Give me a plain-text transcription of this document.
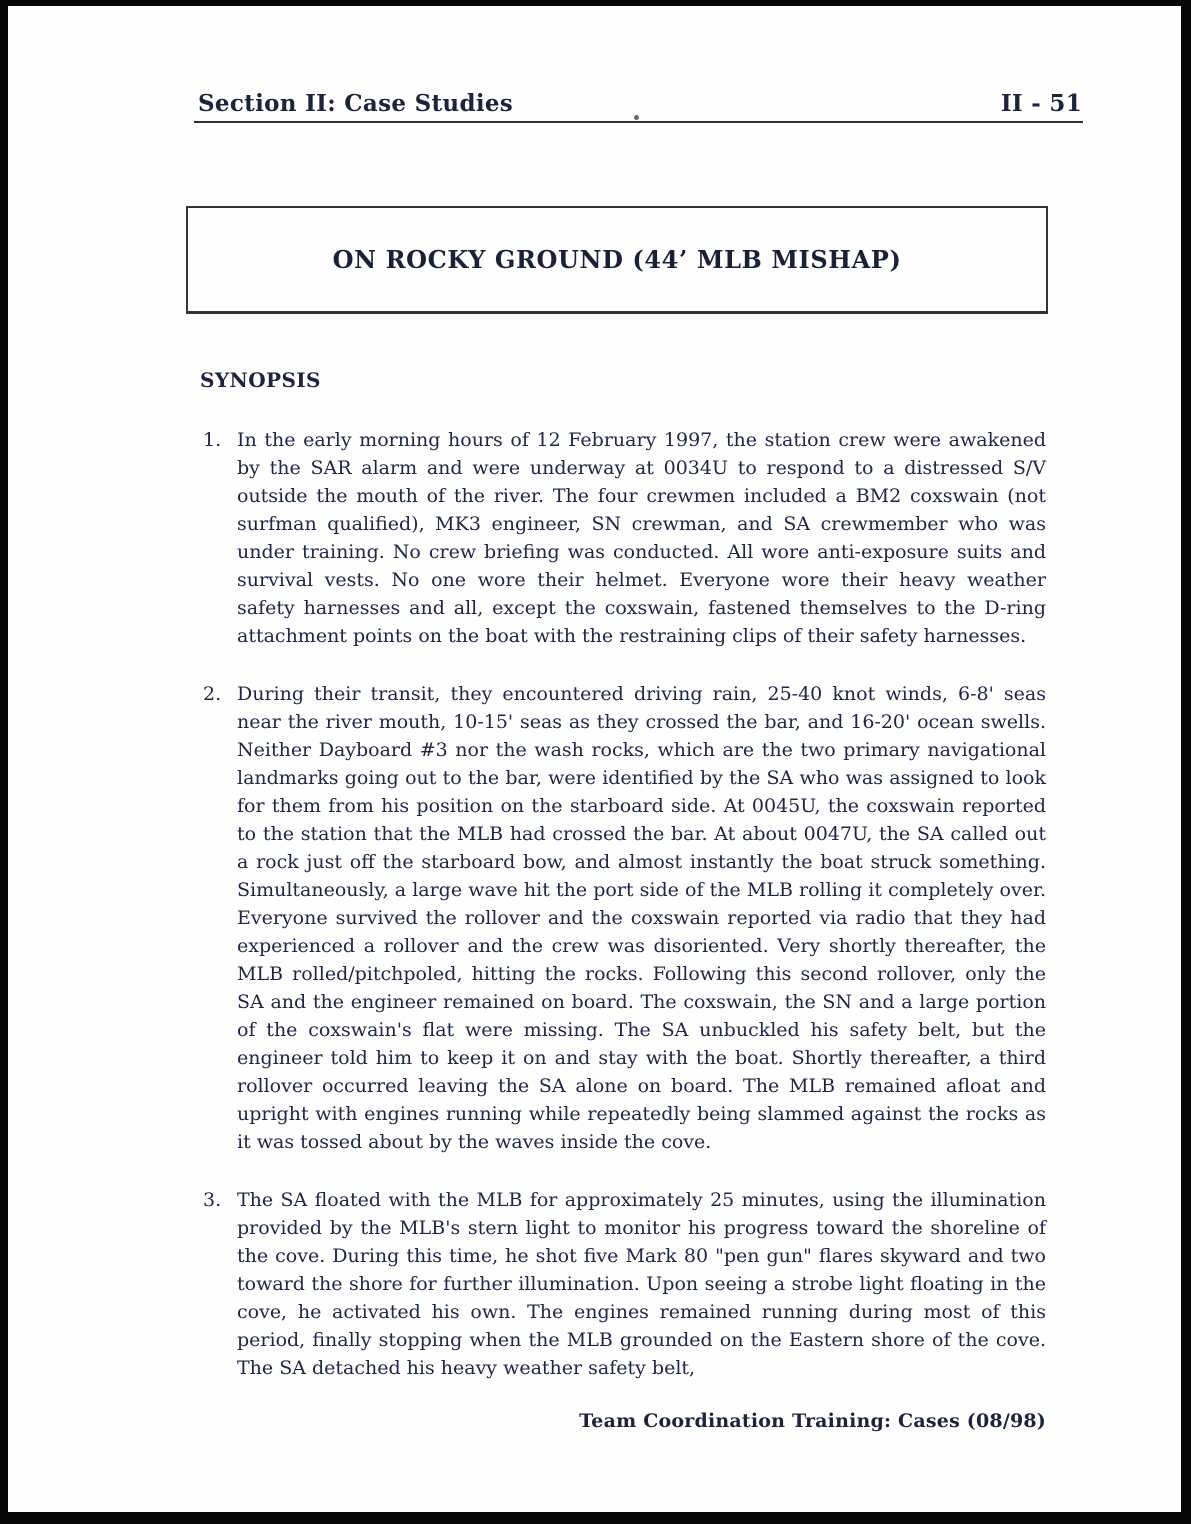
Section II: Case Studies	II - 51
ON ROCKY GROUND (44’ MLB MISHAP)
SYNOPSIS
1. In the early morning hours of 12 February 1997, the station crew were awakened by the SAR alarm and were underway at 0034U to respond to a distressed S/V outside the mouth of the river. The four crewmen included a BM2 coxswain (not surfman qualified), MK3 engineer, SN crewman, and SA crewmember who was under training. No crew briefing was conducted. All wore anti-exposure suits and survival vests. No one wore their helmet. Everyone wore their heavy weather safety harnesses and all, except the coxswain, fastened themselves to the D-ring attachment points on the boat with the restraining clips of their safety harnesses.
2. During their transit, they encountered driving rain, 25-40 knot winds, 6-8' seas near the river mouth, 10-15' seas as they crossed the bar, and 16-20' ocean swells. Neither Dayboard #3 nor the wash rocks, which are the two primary navigational landmarks going out to the bar, were identified by the SA who was assigned to look for them from his position on the starboard side. At 0045U, the coxswain reported to the station that the MLB had crossed the bar. At about 0047U, the SA called out a rock just off the starboard bow, and almost instantly the boat struck something. Simultaneously, a large wave hit the port side of the MLB rolling it completely over. Everyone survived the rollover and the coxswain reported via radio that they had experienced a rollover and the crew was disoriented. Very shortly thereafter, the MLB rolled/pitchpoled, hitting the rocks. Following this second rollover, only the SA and the engineer remained on board. The coxswain, the SN and a large portion of the coxswain's flat were missing. The SA unbuckled his safety belt, but the engineer told him to keep it on and stay with the boat. Shortly thereafter, a third rollover occurred leaving the SA alone on board. The MLB remained afloat and upright with engines running while repeatedly being slammed against the rocks as it was tossed about by the waves inside the cove.
3. The SA floated with the MLB for approximately 25 minutes, using the illumination provided by the MLB's stern light to monitor his progress toward the shoreline of the cove. During this time, he shot five Mark 80 "pen gun" flares skyward and two toward the shore for further illumination. Upon seeing a strobe light floating in the cove, he activated his own. The engines remained running during most of this period, finally stopping when the MLB grounded on the Eastern shore of the cove. The SA detached his heavy weather safety belt,
Team Coordination Training: Cases (08/98)
